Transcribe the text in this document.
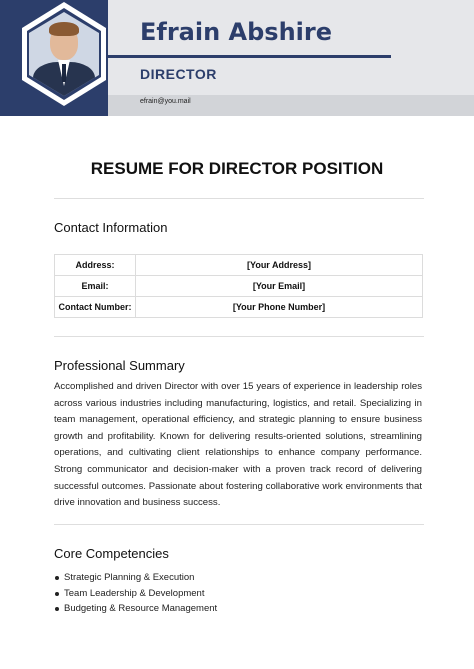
Efrain Abshire
DIRECTOR
efrain@you.mail
RESUME FOR DIRECTOR POSITION
Contact Information
Address:	[Your Address]
Email:	[Your Email]
Contact Number:	[Your Phone Number]
Professional Summary
Accomplished and driven Director with over 15 years of experience in leadership roles across various industries including manufacturing, logistics, and retail. Specializing in team management, operational efficiency, and strategic planning to ensure business growth and profitability. Known for delivering results-oriented solutions, streamlining operations, and cultivating client relationships to enhance company performance. Strong communicator and decision-maker with a proven track record of delivering successful outcomes. Passionate about fostering collaborative work environments that drive innovation and business success.
Core Competencies
Strategic Planning & Execution
Team Leadership & Development
Budgeting & Resource Management
